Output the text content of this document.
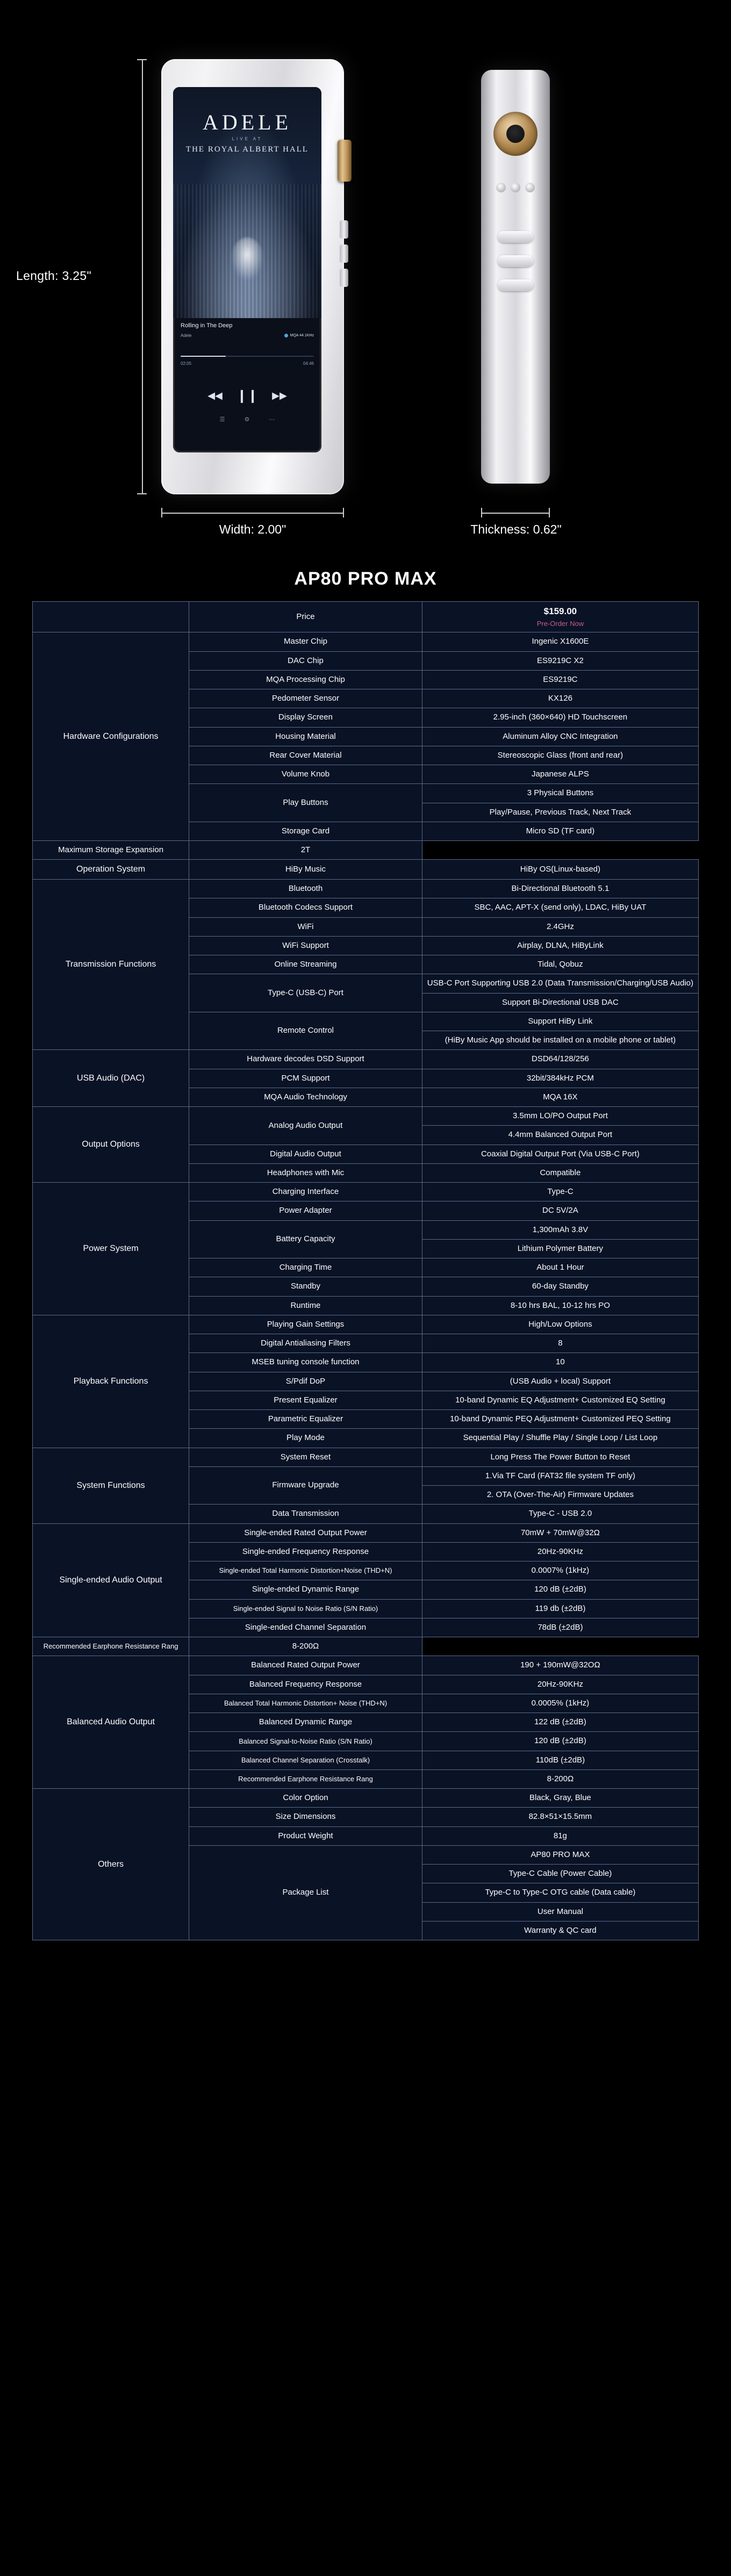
Length: 3.25"
ADELE
LIVE AT
THE ROYAL ALBERT HALL
Rolling in The Deep
Adele	MQA 44.1KHz
02:05	04:46
◀◀ ❙❙ ▶▶
☰	⚙	⋯
Width: 2.00"	Thickness: 0.62"
AP80 PRO MAX
	Price	$159.00
Pre-Order Now

Hardware Configurations	Master Chip	Ingenic X1600E
	DAC Chip	ES9219C X2
	MQA Processing Chip	ES9219C
	Pedometer Sensor	KX126
	Display Screen	2.95-inch (360×640) HD Touchscreen
	Housing Material	Aluminum Alloy CNC Integration
	Rear Cover Material	Stereoscopic Glass (front and rear)
	Volume Knob	Japanese ALPS
	Play Buttons	3 Physical Buttons
		Play/Pause, Previous Track, Next Track
	Storage Card	Micro SD (TF card)
Maximum Storage Expansion	2T	
Operation System	HiBy Music	HiBy OS(Linux-based)
Transmission Functions	Bluetooth	Bi-Directional Bluetooth 5.1
	Bluetooth Codecs Support	SBC, AAC, APT-X (send only), LDAC, HiBy UAT
	WiFi	2.4GHz
	WiFi Support	Airplay, DLNA, HiByLink
	Online Streaming	Tidal, Qobuz
	Type-C (USB-C) Port	USB-C Port Supporting USB 2.0 (Data Transmission/Charging/USB Audio)
		Support Bi-Directional USB DAC
	Remote Control	Support HiBy Link
		(HiBy Music App should be installed on a mobile phone or tablet)
USB Audio (DAC)	Hardware decodes DSD Support	DSD64/128/256
	PCM Support	32bit/384kHz PCM
	MQA Audio Technology	MQA 16X
Output Options	Analog Audio Output	3.5mm LO/PO Output Port
		4.4mm Balanced Output Port
	Digital Audio Output	Coaxial Digital Output Port (Via USB-C Port)
	Headphones with Mic	Compatible
Power System	Charging Interface	Type-C
	Power Adapter	DC 5V/2A
	Battery Capacity	1,300mAh 3.8V
		Lithium Polymer Battery
	Charging Time	About 1 Hour
	Standby	60-day Standby
	Runtime	8-10 hrs BAL, 10-12 hrs PO
Playback Functions	Playing Gain Settings	High/Low Options
	Digital Antialiasing Filters	8
	MSEB tuning console function	10
	S/Pdif DoP	(USB Audio + local) Support
	Present Equalizer	10-band Dynamic EQ Adjustment+ Customized EQ Setting
	Parametric Equalizer	10-band Dynamic PEQ Adjustment+ Customized PEQ Setting
	Play Mode	Sequential Play / Shuffle Play / Single Loop / List Loop
System Functions	System Reset	Long Press The Power Button to Reset
	Firmware Upgrade	1.Via TF Card (FAT32 file system TF only)
		2. OTA (Over-The-Air) Firmware Updates
	Data Transmission	Type-C - USB 2.0
Single-ended Audio Output	Single-ended Rated Output Power	70mW + 70mW@32Ω
	Single-ended Frequency Response	20Hz-90KHz
	Single-ended Total Harmonic Distortion+Noise (THD+N)	0.0007% (1kHz)
	Single-ended Dynamic Range	120 dB (±2dB)
	Single-ended Signal to Noise Ratio (S/N Ratio)	119 db (±2dB)
	Single-ended Channel Separation	78dB (±2dB)
Recommended Earphone Resistance Rang	8-200Ω	
Balanced Audio Output	Balanced Rated Output Power	190 + 190mW@32OΩ
	Balanced Frequency Response	20Hz-90KHz
	Balanced Total Harmonic Distortion+ Noise (THD+N)	0.0005% (1kHz)
	Balanced Dynamic Range	122 dB (±2dB)
	Balanced Signal-to-Noise Ratio (S/N Ratio)	120 dB (±2dB)
	Balanced Channel Separation (Crosstalk)	110dB (±2dB)
	Recommended Earphone Resistance Rang	8-200Ω
Others	Color Option	Black, Gray, Blue
	Size Dimensions	82.8×51×15.5mm
	Product Weight	81g
	Package List	AP80 PRO MAX
		Type-C Cable (Power Cable)
		Type-C to Type-C OTG cable (Data cable)
		User Manual
		Warranty & QC card
